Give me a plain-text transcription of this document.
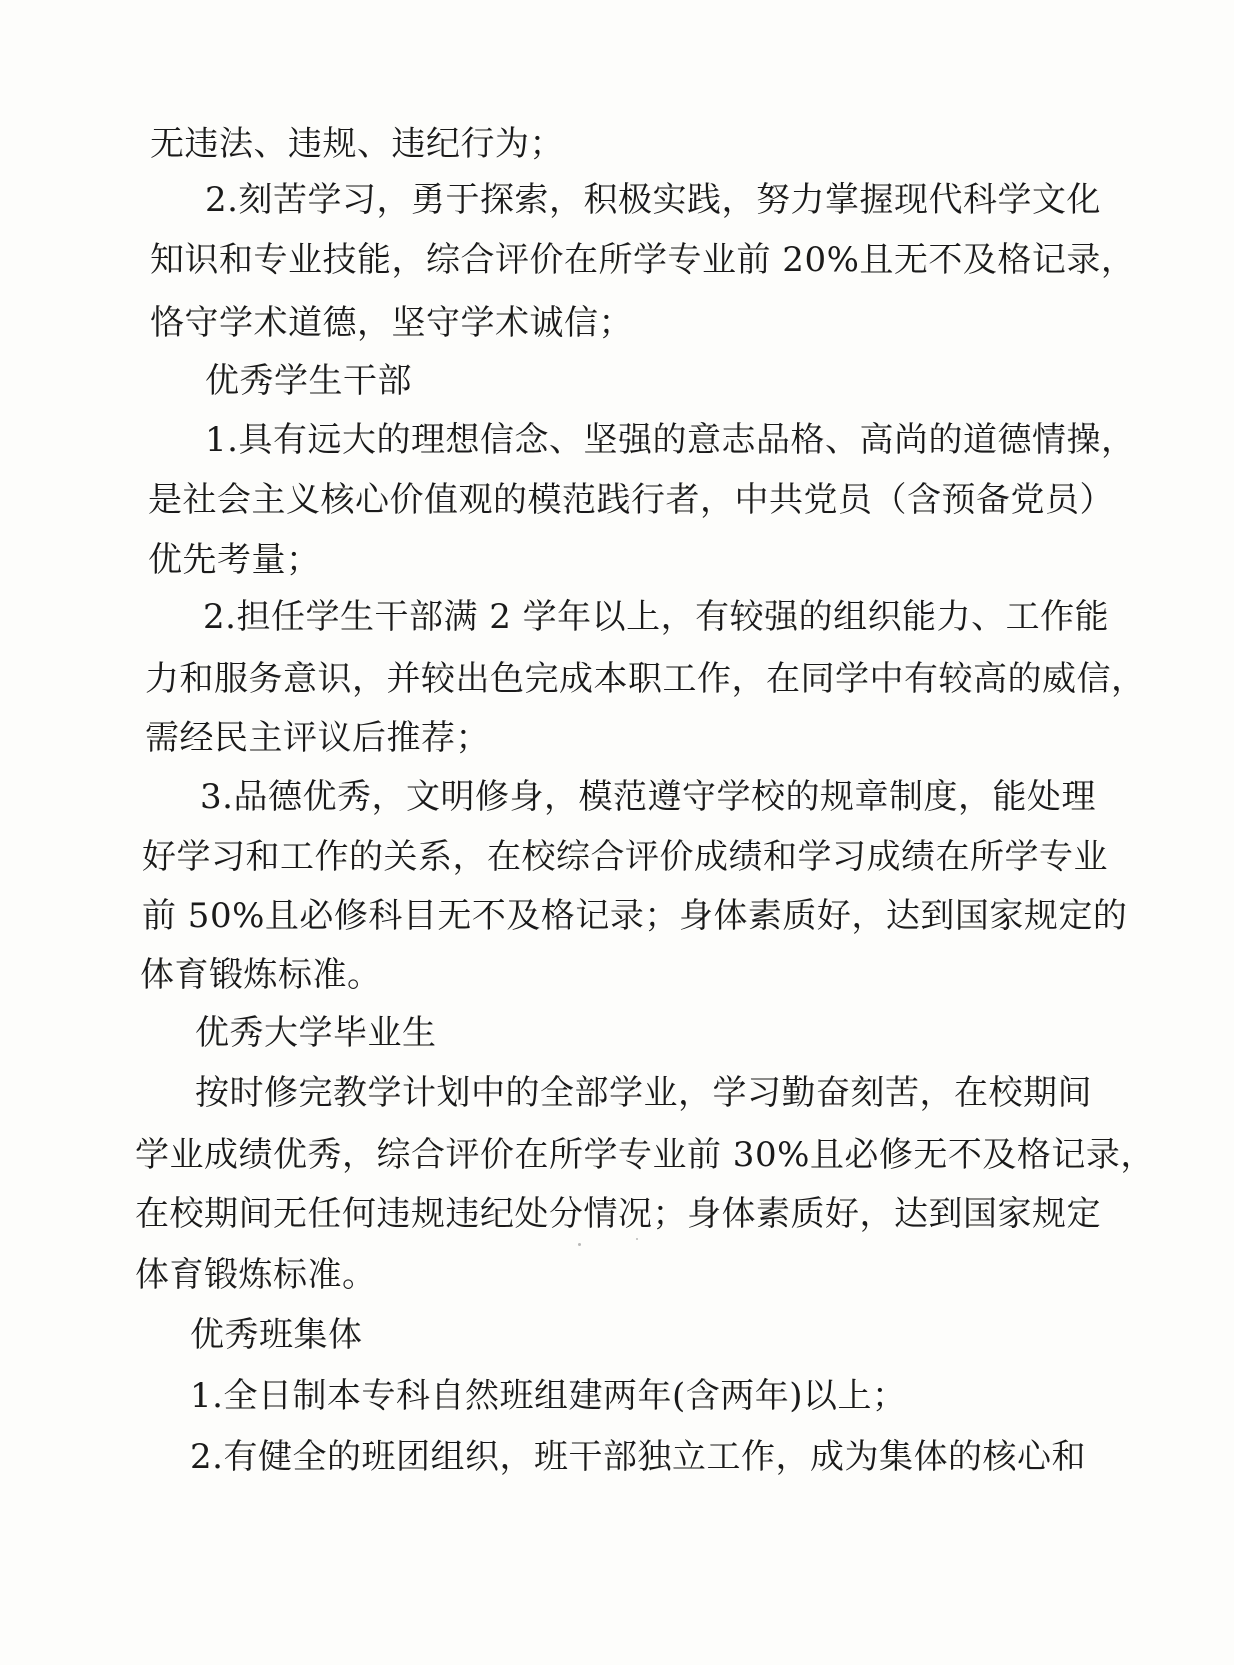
无违法、违规、违纪行为；

2.刻苦学习，勇于探索，积极实践，努力掌握现代科学文化

知识和专业技能，综合评价在所学专业前 20%且无不及格记录，

恪守学术道德，坚守学术诚信；

优秀学生干部

1.具有远大的理想信念、坚强的意志品格、高尚的道德情操，

是社会主义核心价值观的模范践行者，中共党员（含预备党员）

优先考量；

2.担任学生干部满 2 学年以上，有较强的组织能力、工作能

力和服务意识，并较出色完成本职工作，在同学中有较高的威信，

需经民主评议后推荐；

3.品德优秀，文明修身，模范遵守学校的规章制度，能处理

好学习和工作的关系，在校综合评价成绩和学习成绩在所学专业

前 50%且必修科目无不及格记录；身体素质好，达到国家规定的

体育锻炼标准。

优秀大学毕业生

按时修完教学计划中的全部学业，学习勤奋刻苦，在校期间

学业成绩优秀，综合评价在所学专业前 30%且必修无不及格记录，

在校期间无任何违规违纪处分情况；身体素质好，达到国家规定

体育锻炼标准。

优秀班集体

1.全日制本专科自然班组建两年(含两年)以上；

2.有健全的班团组织，班干部独立工作，成为集体的核心和
